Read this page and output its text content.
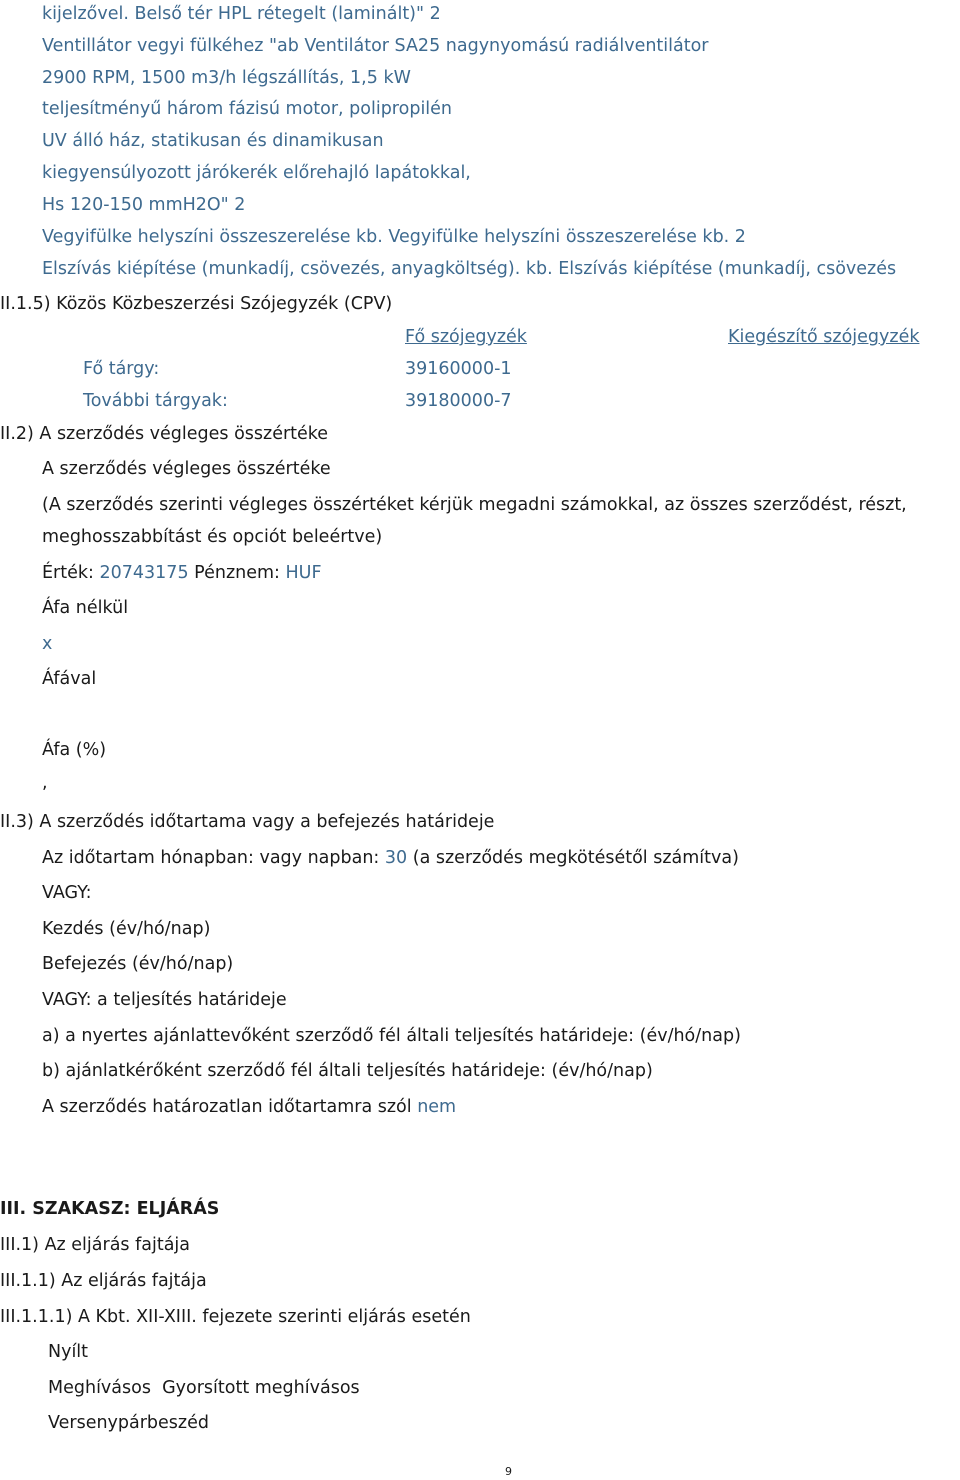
kijelzővel. Belső tér HPL rétegelt (laminált)" 2
Ventillátor vegyi fülkéhez "ab Ventilátor SA25 nagynyomású radiálventilátor
2900 RPM, 1500 m3/h légszállítás, 1,5 kW
teljesítményű három fázisú motor, polipropilén
UV álló ház, statikusan és dinamikusan
kiegyensúlyozott járókerék előrehajló lapátokkal,
Hs 120-150 mmH2O" 2
Vegyifülke helyszíni összeszerelése kb. Vegyifülke helyszíni összeszerelése kb. 2
Elszívás kiépítése (munkadíj, csövezés, anyagköltség). kb. Elszívás kiépítése (munkadíj, csövezés
II.1.5) Közös Közbeszerzési Szójegyzék (CPV)
Fő szójegyzék	Kiegészítő szójegyzék
Fő tárgy:	39160000-1
További tárgyak:	39180000-7
II.2) A szerződés végleges összértéke
A szerződés végleges összértéke
(A szerződés szerinti végleges összértéket kérjük megadni számokkal, az összes szerződést, részt,
meghosszabbítást és opciót beleértve)
Érték: 20743175 Pénznem: HUF
Áfa nélkül
x
Áfával
Áfa (%)
,
II.3) A szerződés időtartama vagy a befejezés határideje
Az időtartam hónapban: vagy napban: 30 (a szerződés megkötésétől számítva)
VAGY:
Kezdés (év/hó/nap)
Befejezés (év/hó/nap)
VAGY: a teljesítés határideje
a) a nyertes ajánlattevőként szerződő fél általi teljesítés határideje: (év/hó/nap)
b) ajánlatkérőként szerződő fél általi teljesítés határideje: (év/hó/nap)
A szerződés határozatlan időtartamra szól nem
III. SZAKASZ: ELJÁRÁS
III.1) Az eljárás fajtája
III.1.1) Az eljárás fajtája
III.1.1.1) A Kbt. XII-XIII. fejezete szerinti eljárás esetén
Nyílt
Meghívásos Gyorsított meghívásos
Versenypárbeszéd
9
